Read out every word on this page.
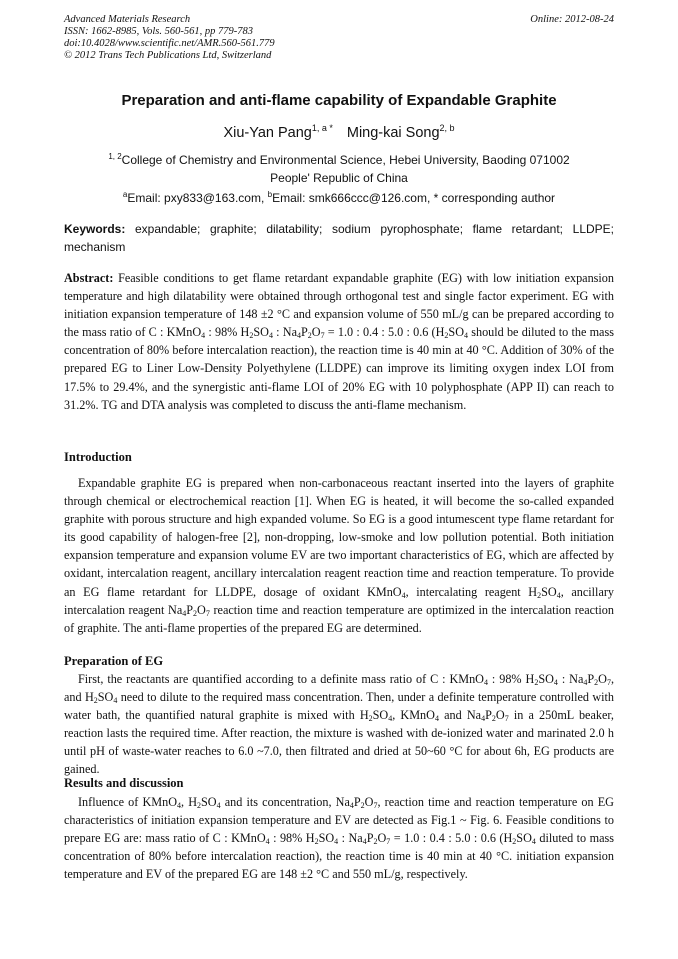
Advanced Materials Research
ISSN: 1662-8985, Vols. 560-561, pp 779-783
doi:10.4028/www.scientific.net/AMR.560-561.779
© 2012 Trans Tech Publications Ltd, Switzerland
Online: 2012-08-24
Preparation and anti-flame capability of Expandable Graphite
Xiu-Yan Pang$^{1, a *}$ Ming-kai Song$^{2, b}$
$^{1, 2}$College of Chemistry and Environmental Science, Hebei University, Baoding 071002
People' Republic of China
$^a$Email: pxy833@163.com, $^b$Email: smk666ccc@126.com, * corresponding author
Keywords: expandable; graphite; dilatability; sodium pyrophosphate; flame retardant; LLDPE; mechanism

Abstract: Feasible conditions to get flame retardant expandable graphite (EG) with low initiation expansion temperature and high dilatability were obtained through orthogonal test and single factor experiment. EG with initiation expansion temperature of 148 ±2 °C and expansion volume of 550 mL/g can be prepared according to the mass ratio of C : KMnO$_4$ : 98% $H_2SO_4$ : $Na_4P_2O_7 = 1.0$ : 0.4 : 5.0 : 0.6 ($H_2SO_4$ should be diluted to the mass concentration of 80% before intercalation reaction), the reaction time is 40 min at 40 °C. Addition of 30% of the prepared EG to Liner Low-Density Polyethylene (LLDPE) can improve its limiting oxygen index LOI from 17.5% to 29.4%, and the synergistic anti-flame LOI of 20% EG with 10 polyphosphate (APP II) can reach to 31.2%. TG and DTA analysis was completed to discuss the anti-flame mechanism.

Introduction

Expandable graphite EG is prepared when non-carbonaceous reactant inserted into the layers of graphite through chemical or electrochemical reaction [1]. When EG is heated, it will become the so-called expanded graphite with porous structure and high expanded volume. So EG is a good intumescent type flame retardant for its good capability of halogen-free [2], non-dropping, low-smoke and low pollution potential. Both initiation expansion temperature and expansion volume EV are two important characteristics of EG, which are affected by oxidant, intercalation reagent, ancillary intercalation reagent reaction time and reaction temperature. To provide an EG flame retardant for LLDPE, dosage of oxidant KMnO$_4$, intercalating reagent $H_2SO_4$, ancillary intercalation reagent $Na_4P_2O_7$ reaction time and reaction temperature are optimized in the intercalation reaction of graphite. The anti-flame properties of the prepared EG are determined.

Preparation of EG

First, the reactants are quantified according to a definite mass ratio of C : KMnO$_4$ : 98% $H_2SO_4$ : $Na_4P_2O_7$, and $H_2SO_4$ need to dilute to the required mass concentration. Then, under a definite temperature controlled with water bath, the quantified natural graphite is mixed with $H_2SO_4$, KMnO$_4$ and $Na_4P_2O_7$ in a 250mL beaker, reaction lasts the required time. After reaction, the mixture is washed with de-ionized water and marinated 2.0 h until pH of waste-water reaches to 6.0 ~7.0, then filtrated and dried at 50~60 °C for about 6h, EG products are gained.

Results and discussion

Influence of KMnO$_4$, $H_2SO_4$ and its concentration, $Na_4P_2O_7$, reaction time and reaction temperature on EG characteristics of initiation expansion temperature and EV are detected as Fig.1 ~ Fig. 6. Feasible conditions to prepare EG are: mass ratio of C : KMnO$_4$ : 98% $H_2SO_4$ : $Na_4P_2O_7 = 1.0$ : 0.4 : 5.0 : 0.6 ($H_2SO_4$ diluted to mass concentration of 80% before intercalation reaction), the reaction time is 40 min at 40 °C. initiation expansion temperature and EV of the prepared EG are 148 ±2 °C and 550 mL/g, respectively.
